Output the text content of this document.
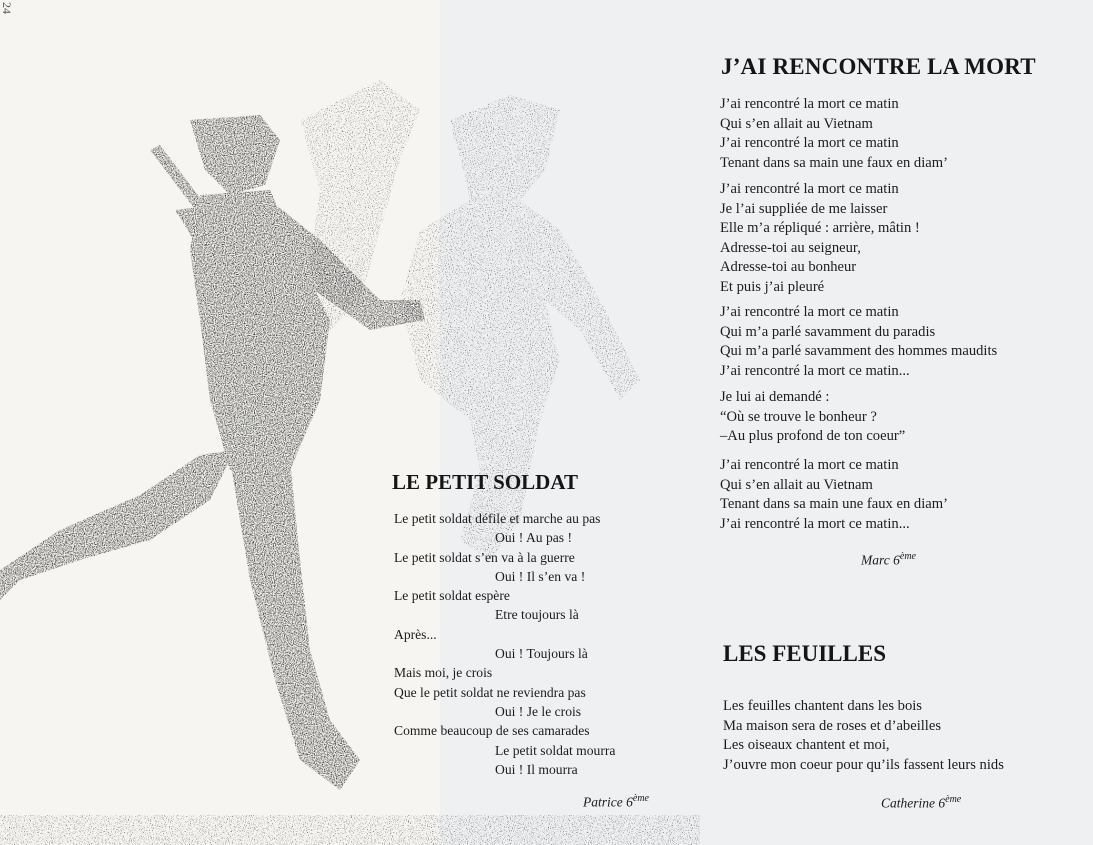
24
J’AI RENCONTRE LA MORT
J’ai rencontré la mort ce matin
Qui s’en allait au Vietnam
J’ai rencontré la mort ce matin
Tenant dans sa main une faux en diam’
J’ai rencontré la mort ce matin
Je l’ai suppliée de me laisser
Elle m’a répliqué : arrière, mâtin !
Adresse-toi au seigneur,
Adresse-toi au bonheur
Et puis j’ai pleuré
J’ai rencontré la mort ce matin
Qui m’a parlé savamment du paradis
Qui m’a parlé savamment des hommes maudits
J’ai rencontré la mort ce matin...
Je lui ai demandé :
“Où se trouve le bonheur ?
–Au plus profond de ton coeur”
J’ai rencontré la mort ce matin
Qui s’en allait au Vietnam
Tenant dans sa main une faux en diam’
J’ai rencontré la mort ce matin...
Marc 6ème
LE PETIT SOLDAT
Le petit soldat défile et marche au pas
Oui ! Au pas !
Le petit soldat s’en va à la guerre
Oui ! Il s’en va !
Le petit soldat espère
Etre toujours là
Après...
Oui ! Toujours là
Mais moi, je crois
Que le petit soldat ne reviendra pas
Oui ! Je le crois
Comme beaucoup de ses camarades
Le petit soldat mourra
Oui ! Il mourra
Patrice 6ème
LES FEUILLES
Les feuilles chantent dans les bois
Ma maison sera de roses et d’abeilles
Les oiseaux chantent et moi,
J’ouvre mon coeur pour qu’ils fassent leurs nids
Catherine 6ème
